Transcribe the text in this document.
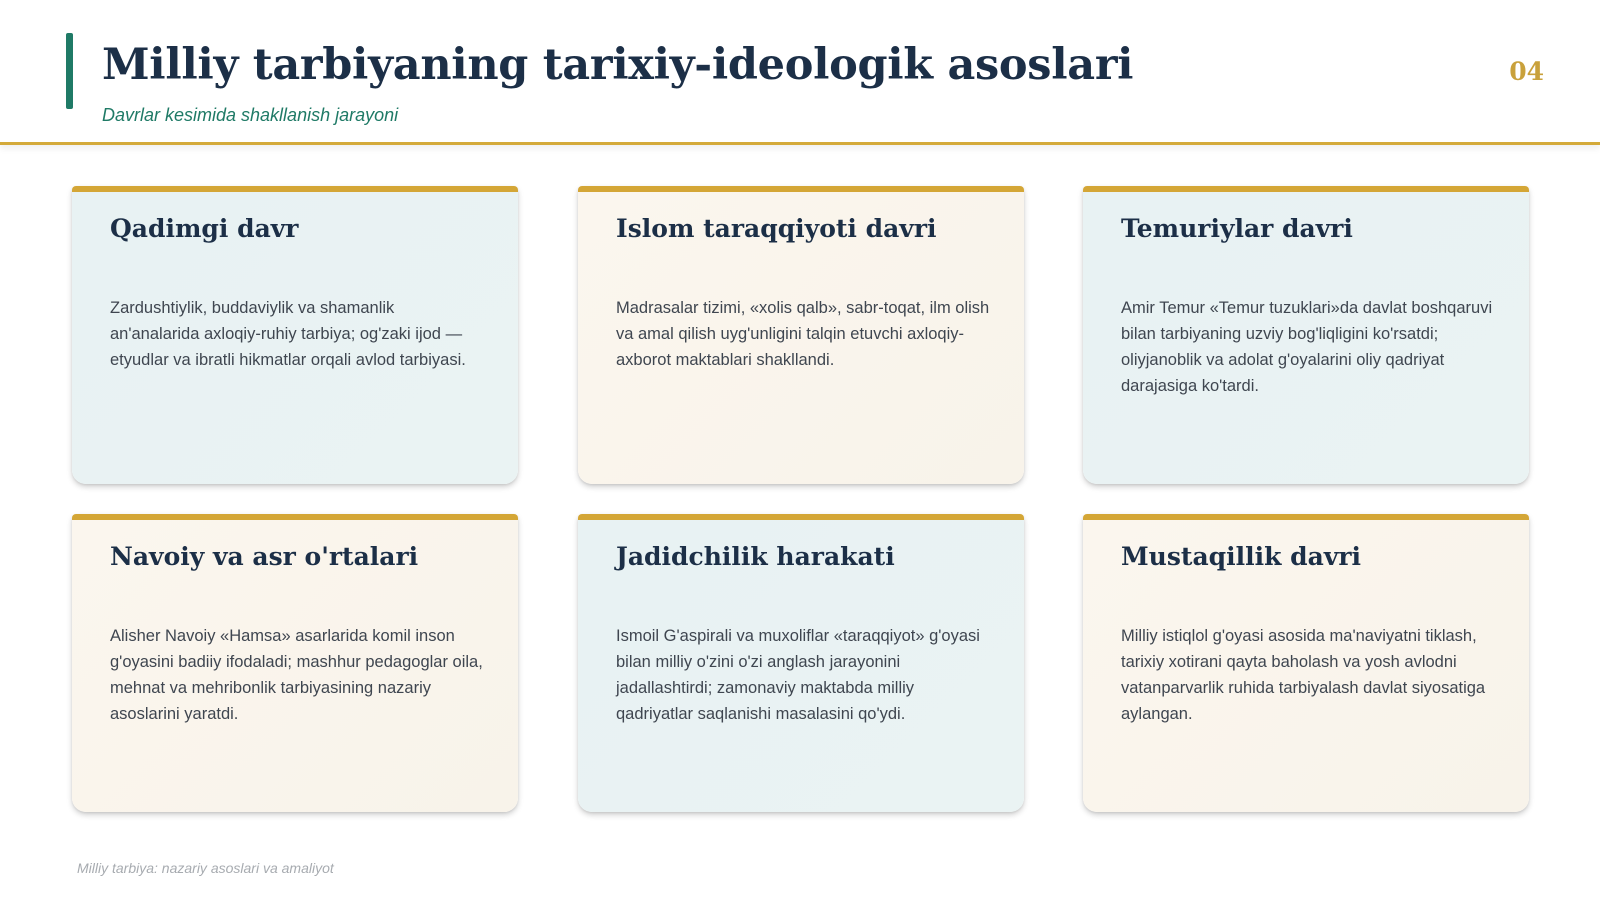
Milliy tarbiyaning tarixiy-ideologik asoslari
Davrlar kesimida shakllanish jarayoni
04
Qadimgi davr
Zardushtiylik, buddaviylik va shamanlik an'analarida axloqiy-ruhiy tarbiya; og'zaki ijod — etyudlar va ibratli hikmatlar orqali avlod tarbiyasi.
Islom taraqqiyoti davri
Madrasalar tizimi, «xolis qalb», sabr-toqat, ilm olish va amal qilish uyg'unligini talqin etuvchi axloqiy-axborot maktablari shakllandi.
Temuriylar davri
Amir Temur «Temur tuzuklari»da davlat boshqaruvi bilan tarbiyaning uzviy bog'liqligini ko'rsatdi; oliyjanoblik va adolat g'oyalarini oliy qadriyat darajasiga ko'tardi.
Navoiy va asr o'rtalari
Alisher Navoiy «Hamsa» asarlarida komil inson g'oyasini badiiy ifodaladi; mashhur pedagoglar oila, mehnat va mehribonlik tarbiyasining nazariy asoslarini yaratdi.
Jadidchilik harakati
Ismoil G'aspirali va muxoliflar «taraqqiyot» g'oyasi bilan milliy o'zini o'zi anglash jarayonini jadallashtirdi; zamonaviy maktabda milliy qadriyatlar saqlanishi masalasini qo'ydi.
Mustaqillik davri
Milliy istiqlol g'oyasi asosida ma'naviyatni tiklash, tarixiy xotirani qayta baholash va yosh avlodni vatanparvarlik ruhida tarbiyalash davlat siyosatiga aylangan.
Milliy tarbiya: nazariy asoslari va amaliyot
